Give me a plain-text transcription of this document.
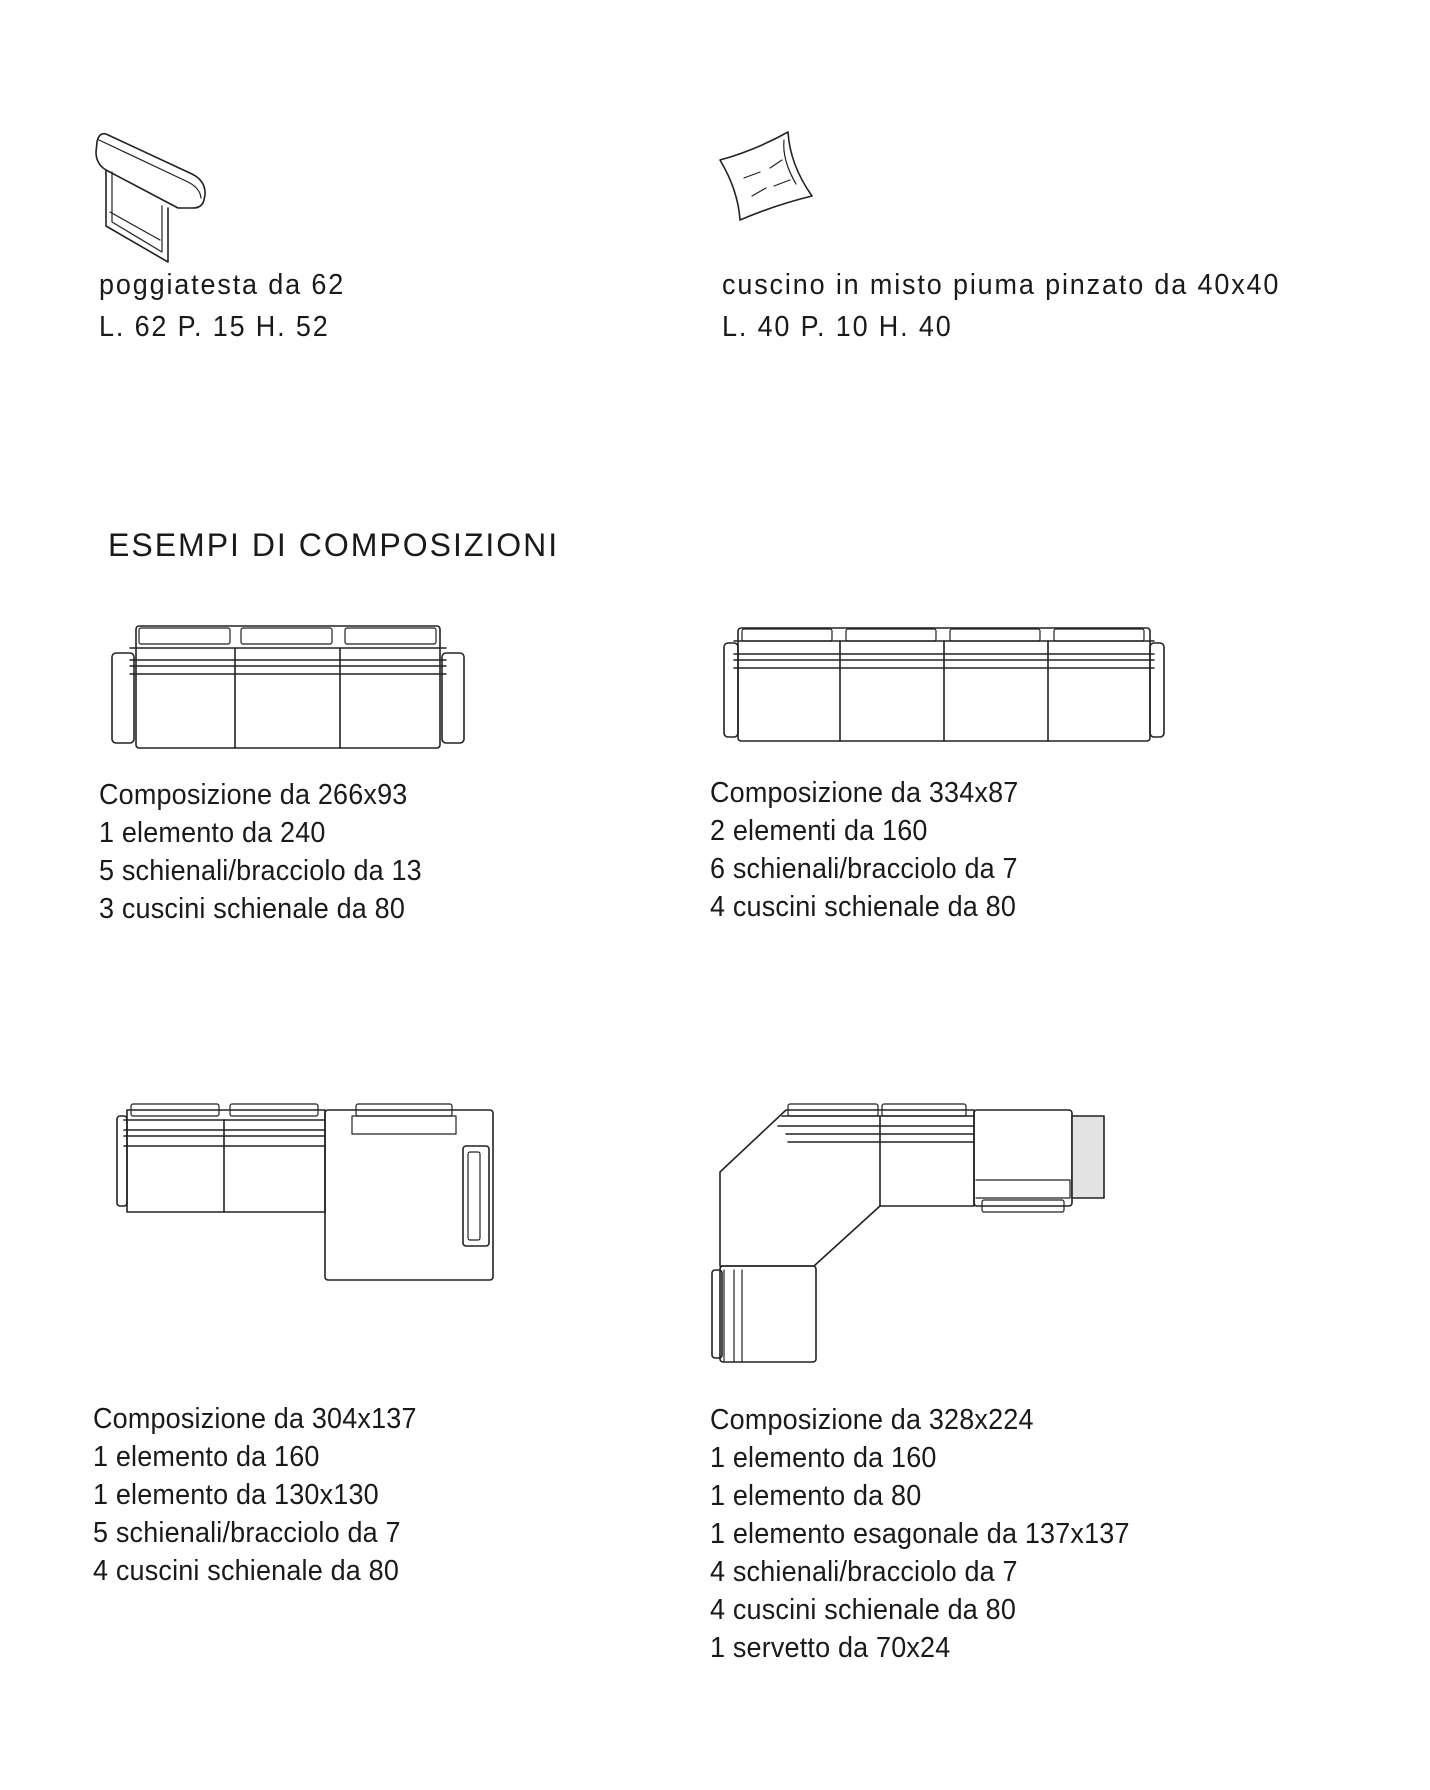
poggiatesta da 62
L. 62 P. 15 H. 52
cuscino in misto piuma pinzato da 40x40
L. 40 P. 10 H. 40
ESEMPI DI COMPOSIZIONI
Composizione da 266x93
1 elemento da 240
5 schienali/bracciolo da 13
3 cuscini schienale da 80
Composizione da 334x87
2 elementi da 160
6 schienali/bracciolo da 7
4 cuscini schienale da 80
Composizione da 304x137
1 elemento da 160
1 elemento da 130x130
5 schienali/bracciolo da 7
4 cuscini schienale da 80
Composizione da 328x224
1 elemento da 160
1 elemento da 80
1 elemento esagonale da 137x137
4 schienali/bracciolo da 7
4 cuscini schienale da 80
1 servetto da 70x24
